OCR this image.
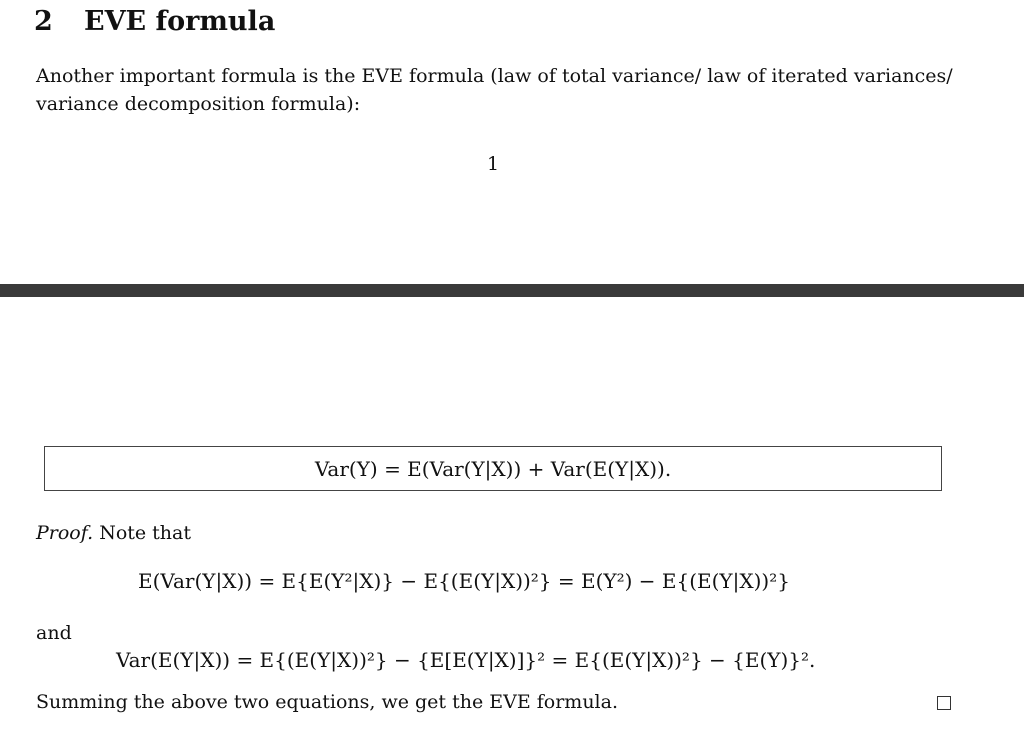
2 EVE formula
Another important formula is the EVE formula (law of total variance/ law of iterated variances/
variance decomposition formula):
1
Var(Y) = E(Var(Y|X)) + Var(E(Y|X)).
Proof. Note that
E(Var(Y|X)) = E{E(Y²|X)} − E{(E(Y|X))²} = E(Y²) − E{(E(Y|X))²}
and
Var(E(Y|X)) = E{(E(Y|X))²} − {E[E(Y|X)]}² = E{(E(Y|X))²} − {E(Y)}².
Summing the above two equations, we get the EVE formula.
